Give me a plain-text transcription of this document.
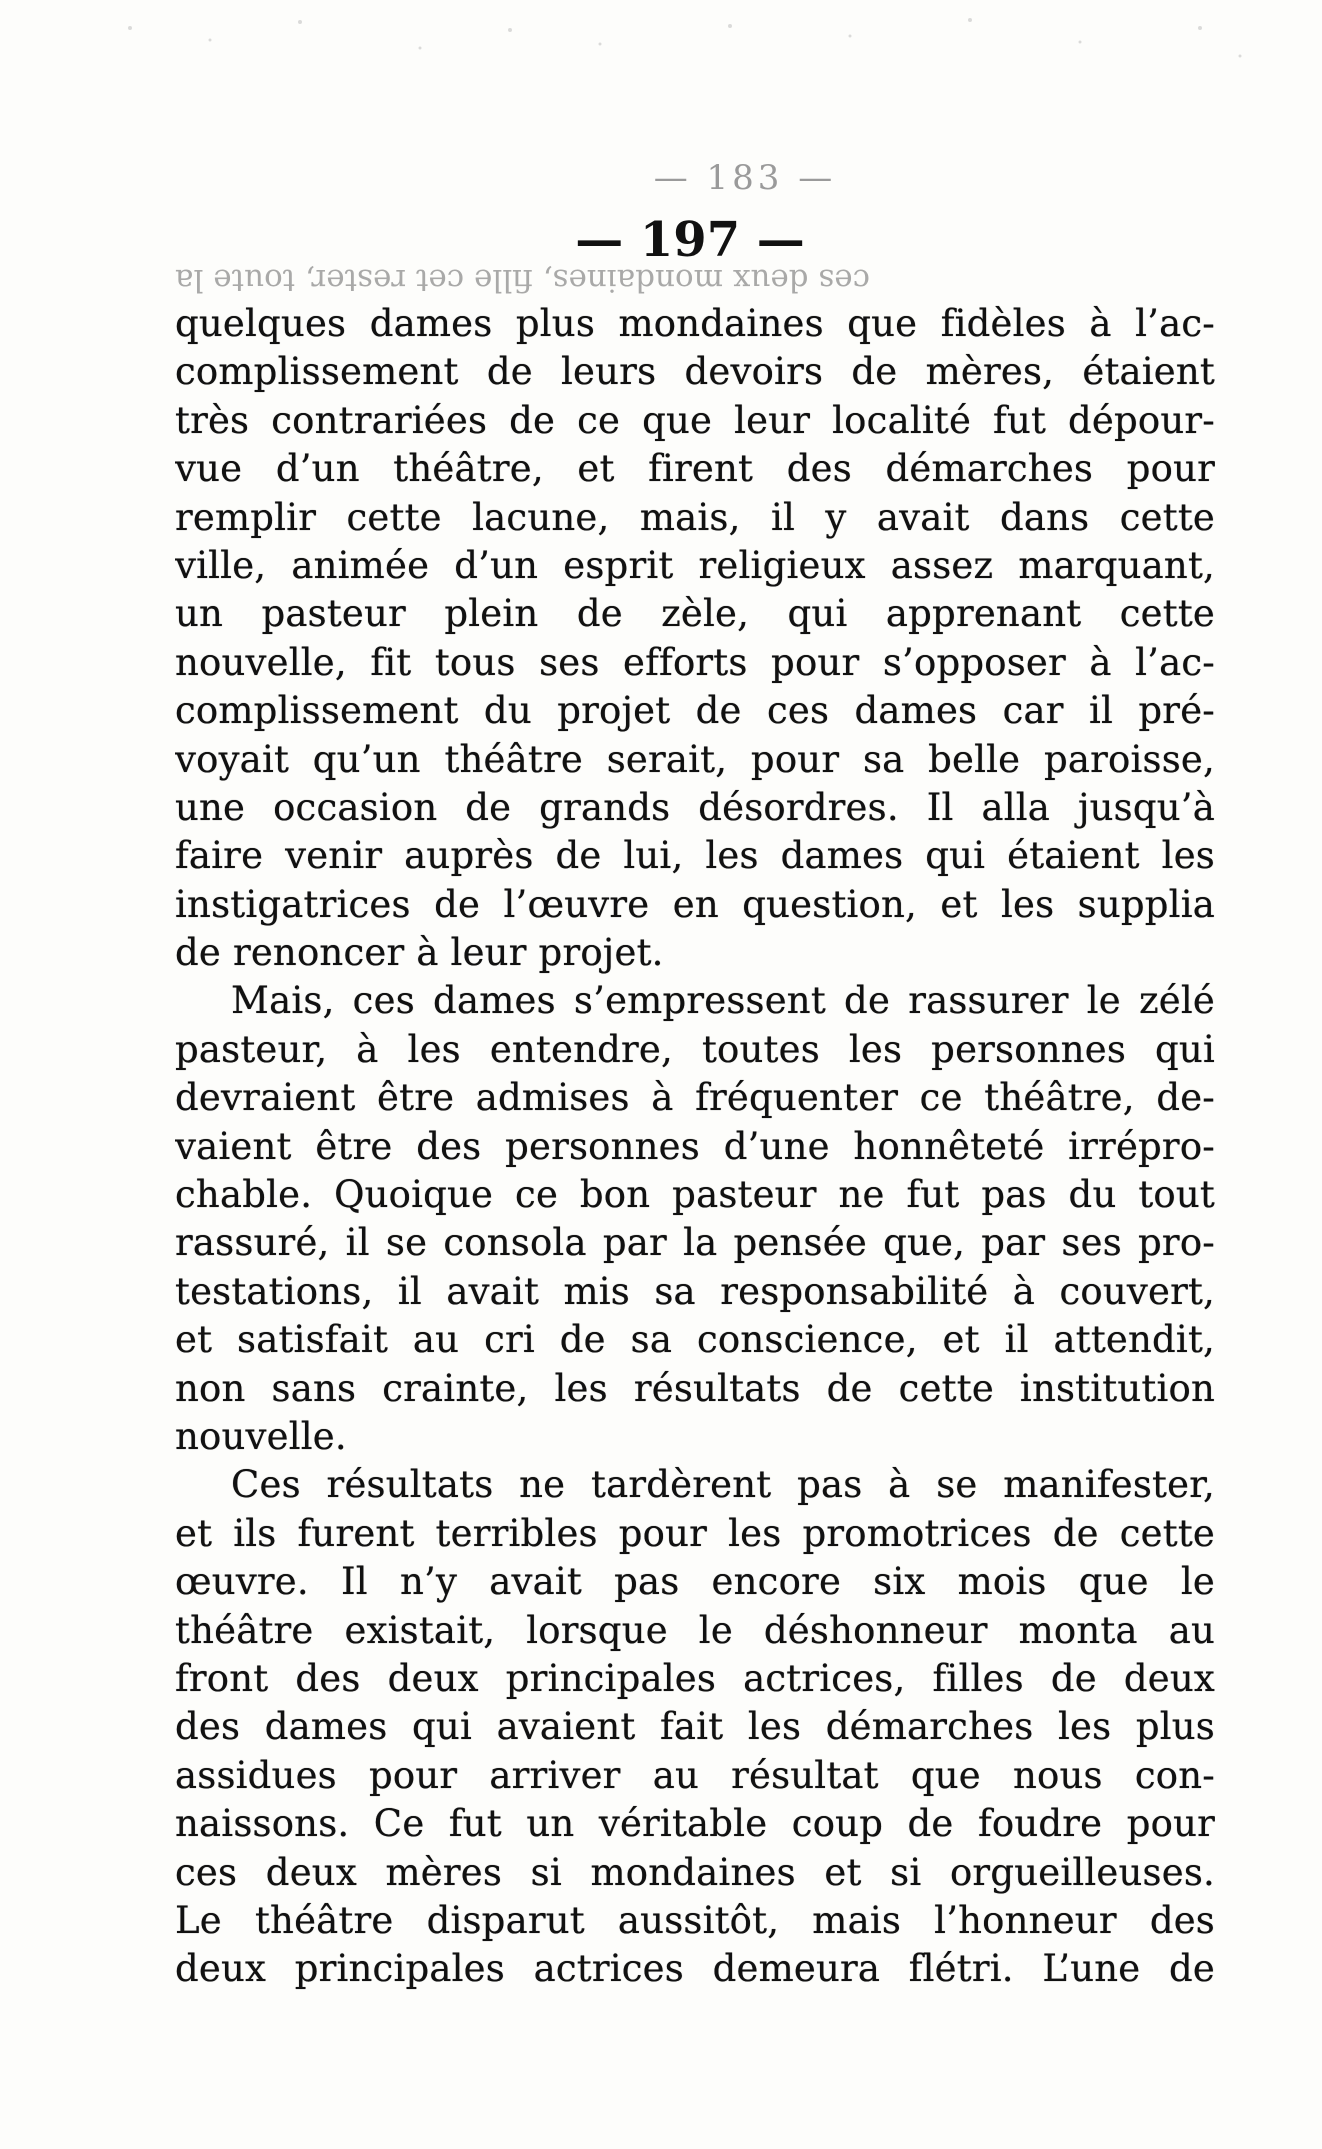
— 183 —
— 197 —
ces deux mondaines, fille cet rester, toute la
quelques dames plus mondaines que fidèles à l’ac-
complissement de leurs devoirs de mères, étaient
très contrariées de ce que leur localité fut dépour-
vue d’un théâtre, et firent des démarches pour
remplir cette lacune, mais, il y avait dans cette
ville, animée d’un esprit religieux assez marquant,
un pasteur plein de zèle, qui apprenant cette
nouvelle, fit tous ses efforts pour s’opposer à l’ac-
complissement du projet de ces dames car il pré-
voyait qu’un théâtre serait, pour sa belle paroisse,
une occasion de grands désordres. Il alla jusqu’à
faire venir auprès de lui, les dames qui étaient les
instigatrices de l’œuvre en question, et les supplia
de renoncer à leur projet.
Mais, ces dames s’empressent de rassurer le zélé
pasteur, à les entendre, toutes les personnes qui
devraient être admises à fréquenter ce théâtre, de-
vaient être des personnes d’une honnêteté irrépro-
chable. Quoique ce bon pasteur ne fut pas du tout
rassuré, il se consola par la pensée que, par ses pro-
testations, il avait mis sa responsabilité à couvert,
et satisfait au cri de sa conscience, et il attendit,
non sans crainte, les résultats de cette institution
nouvelle.
Ces résultats ne tardèrent pas à se manifester,
et ils furent terribles pour les promotrices de cette
œuvre. Il n’y avait pas encore six mois que le
théâtre existait, lorsque le déshonneur monta au
front des deux principales actrices, filles de deux
des dames qui avaient fait les démarches les plus
assidues pour arriver au résultat que nous con-
naissons. Ce fut un véritable coup de foudre pour
ces deux mères si mondaines et si orgueilleuses.
Le théâtre disparut aussitôt, mais l’honneur des
deux principales actrices demeura flétri. L’une de
